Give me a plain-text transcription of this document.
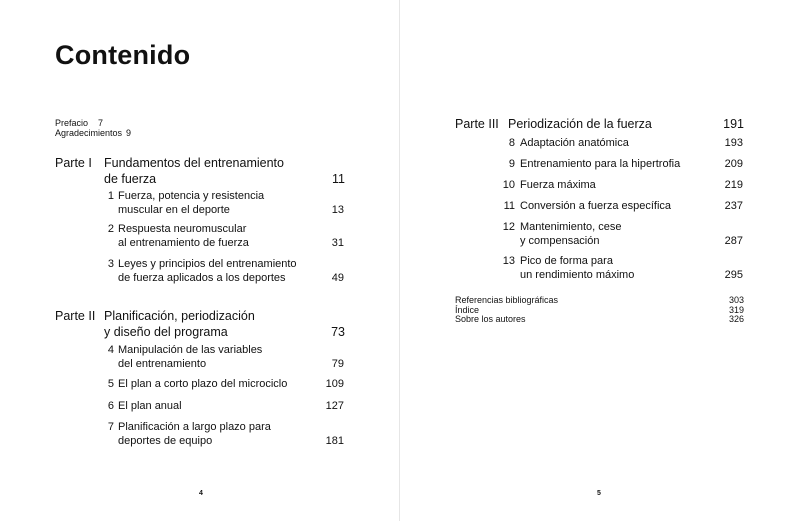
Contenido
Prefacio 7
Agradecimientos 9
Parte I Fundamentos del entrenamiento
de fuerza	11
1 Fuerza, potencia y resistencia
muscular en el deporte	13
2 Respuesta neuromuscular
al entrenamiento de fuerza	31
3 Leyes y principios del entrenamiento
de fuerza aplicados a los deportes	49
Parte II Planificación, periodización
y diseño del programa	73
4 Manipulación de las variables
del entrenamiento	79
5 El plan a corto plazo del microciclo	109
6 El plan anual	127
7 Planificación a largo plazo para
deportes de equipo	181
Parte III Periodización de la fuerza	191
8 Adaptación anatómica	193
9 Entrenamiento para la hipertrofia	209
10 Fuerza máxima	219
11 Conversión a fuerza específica	237
12 Mantenimiento, cese
y compensación	287
13 Pico de forma para
un rendimiento máximo	295
Referencias bibliográficas	303
Índice	319
Sobre los autores	326
4	5
